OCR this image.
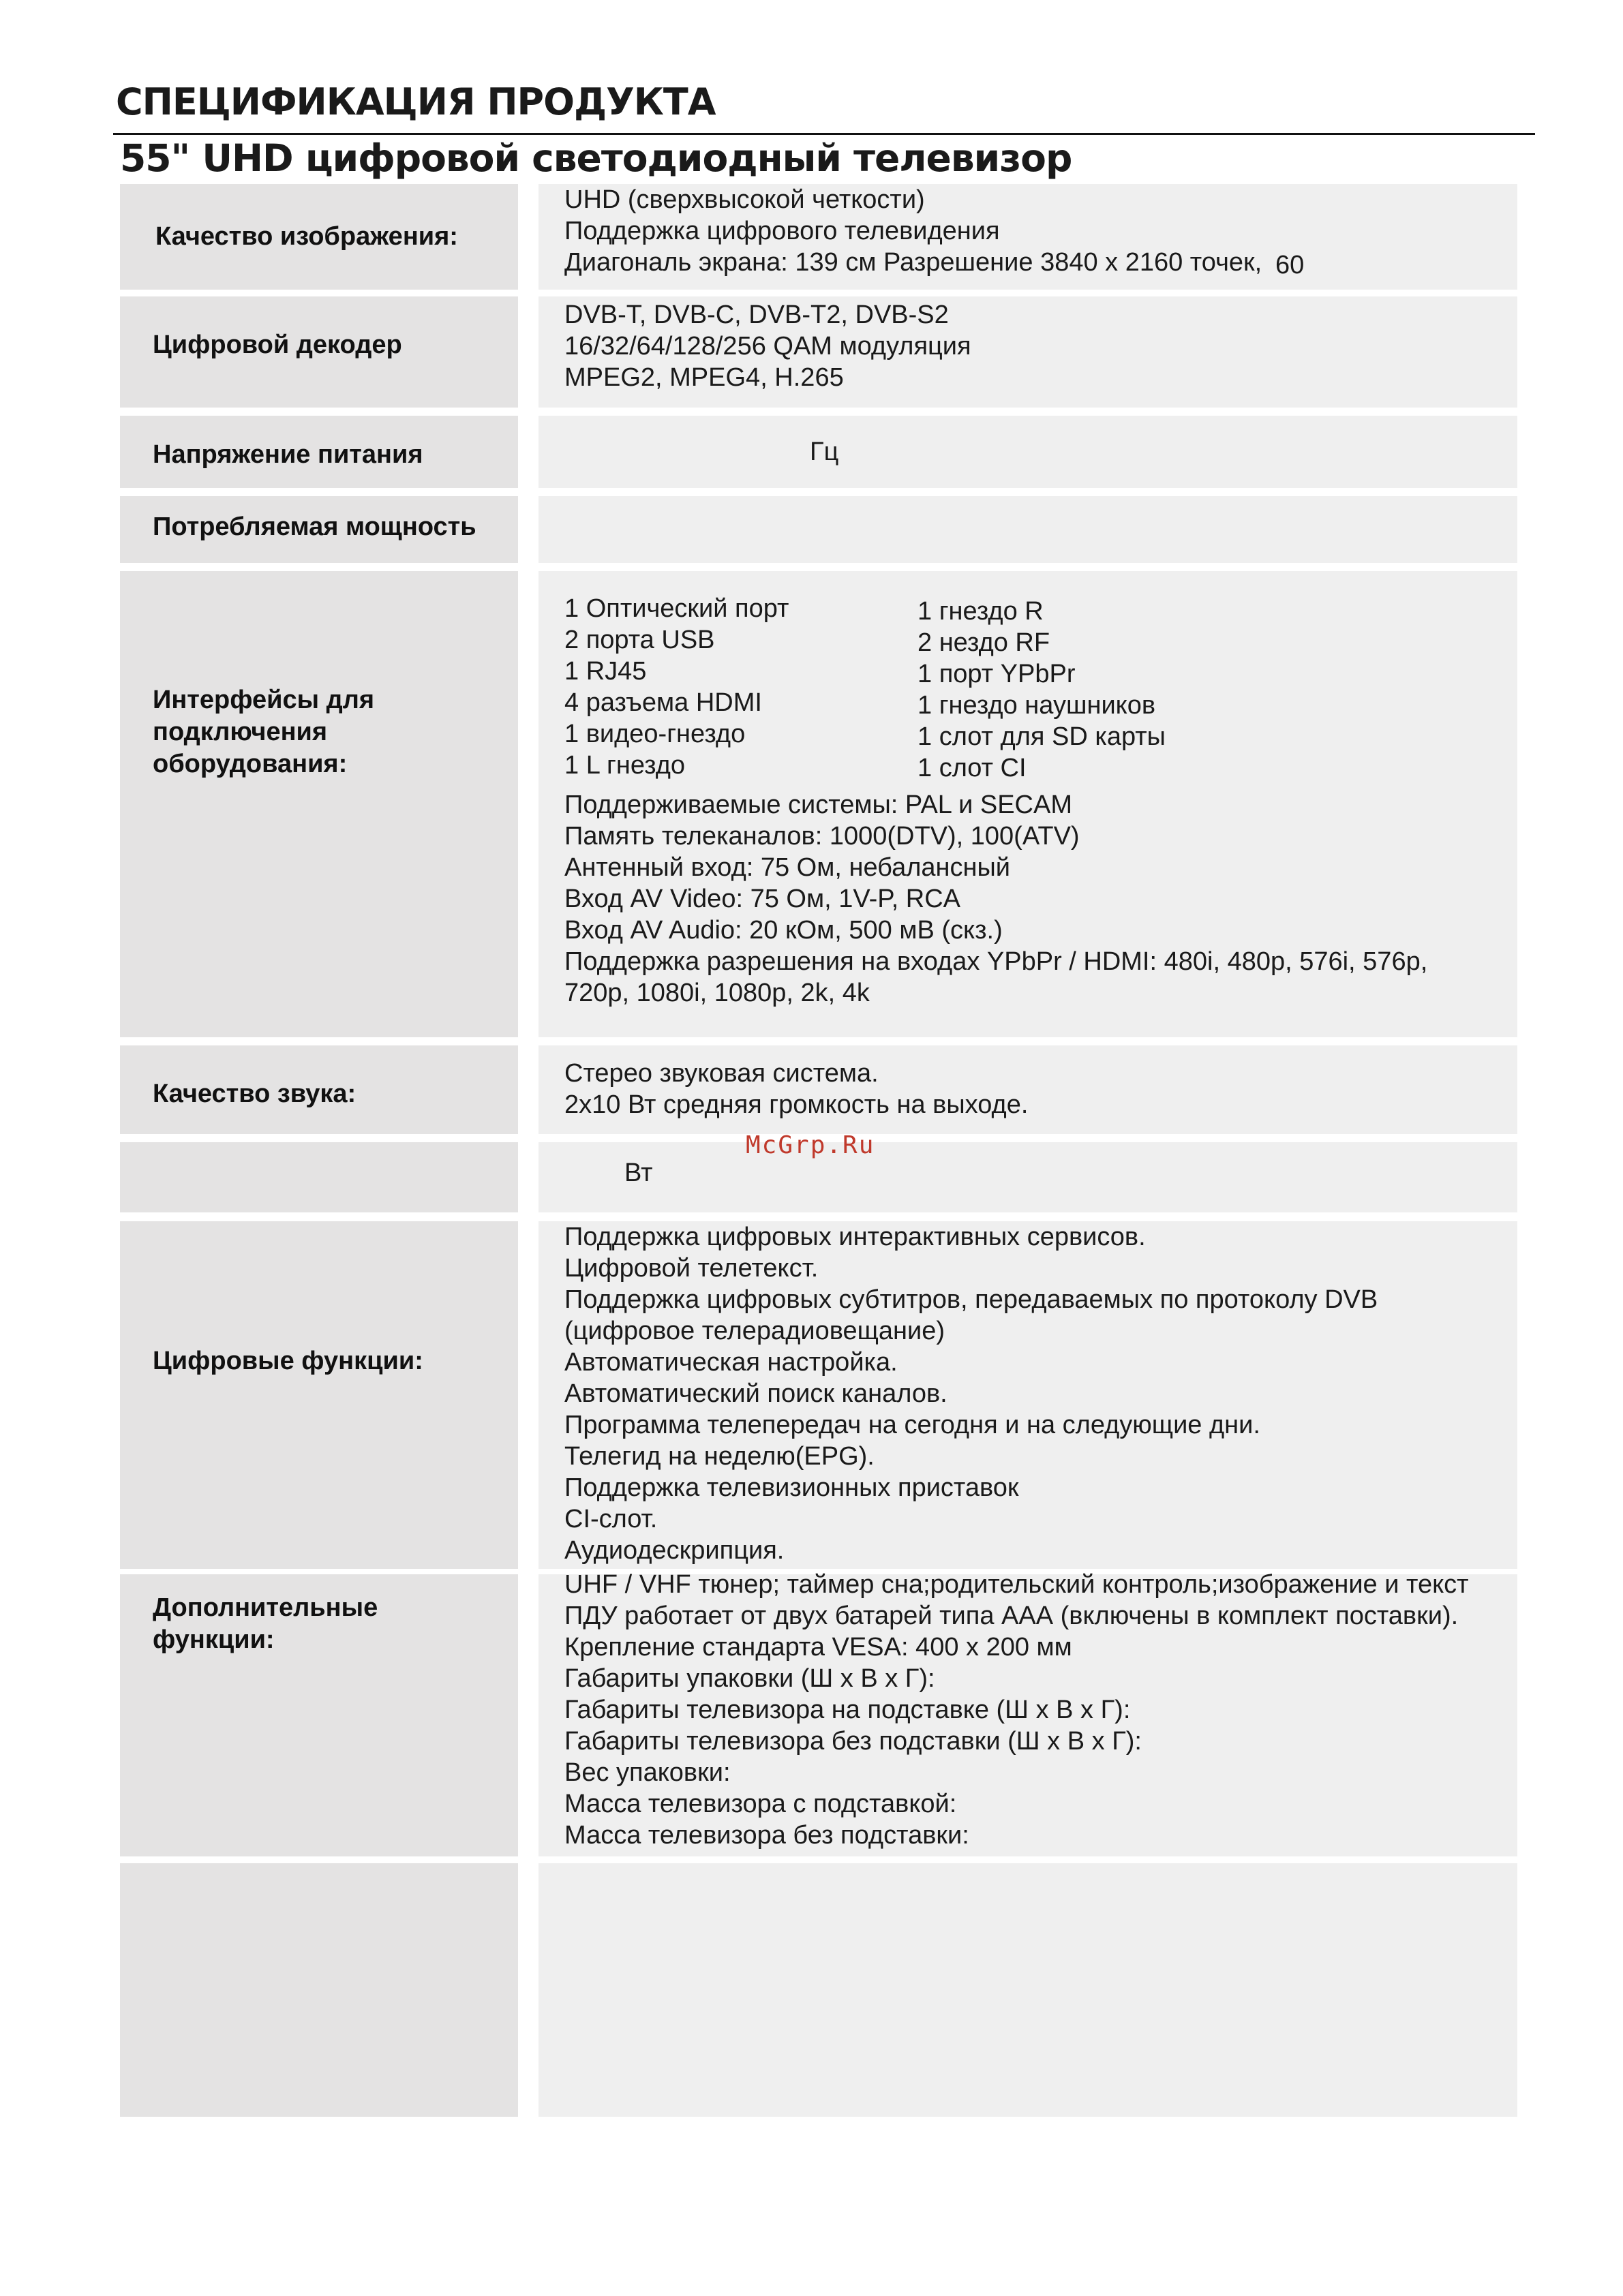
СПЕЦИФИКАЦИЯ ПРОДУКТА
55" UHD цифровой светодиодный телевизор
Качество изображения:
UHD (сверхвысокой четкости)
Поддержка цифрового телевидения
Диагональ экрана: 139 см Разрешение 3840 x 2160 точек, 60
Цифровой декодер
DVB-T, DVB-C, DVB-T2, DVB-S2
16/32/64/128/256 QAM модуляция
MPEG2, MPEG4, H.265
Напряжение питания	Гц
Потребляемая мощность
Интерфейсы для
подключения
оборудования:
1 Оптический порт
2 порта USB
1 RJ45
4 разъема HDMI
1 видео-гнездо
1 L гнездо
1 гнездо R
2 нездо RF
1 порт YPbPr
1 гнездо наушников
1 слот для SD карты
1 слот CI
Поддерживаемые системы: PAL и SECAM
Память телеканалов: 1000(DTV), 100(ATV)
Антенный вход: 75 Ом, небалансный
Вход AV Video: 75 Ом, 1V-P, RCA
Вход AV Audio: 20 кОм, 500 мВ (скз.)
Поддержка разрешения на входах YPbPr / HDMI: 480i, 480p, 576i, 576p,
720p, 1080i, 1080p, 2k, 4k
Качество звука:
Стерео звуковая система.
2x10 Вт средняя громкость на выходе.
Вт
Цифровые функции:
Поддержка цифровых интерактивных сервисов.
Цифровой телетекст.
Поддержка цифровых субтитров, передаваемых по протоколу DVB
(цифровое телерадиовещание)
Автоматическая настройка.
Автоматический поиск каналов.
Программа телепередач на сегодня и на следующие дни.
Телегид на неделю(EPG).
Поддержка телевизионных приставок
CI-слот.
Аудиодескрипция.
Дополнительные
функции:
UHF / VHF тюнер; таймер сна;родительский контроль;изображение и текст
ПДУ работает от двух батарей типа ААА (включены в комплект поставки).
Крепление стандарта VESA: 400 x 200 мм
Габариты упаковки (Ш x В x Г):
Габариты телевизора на подставке (Ш x В x Г):
Габариты телевизора без подставки (Ш x В x Г):
Вес упаковки:
Масса телевизора с подставкой:
Масса телевизора без подставки:
McGrp.Ru
